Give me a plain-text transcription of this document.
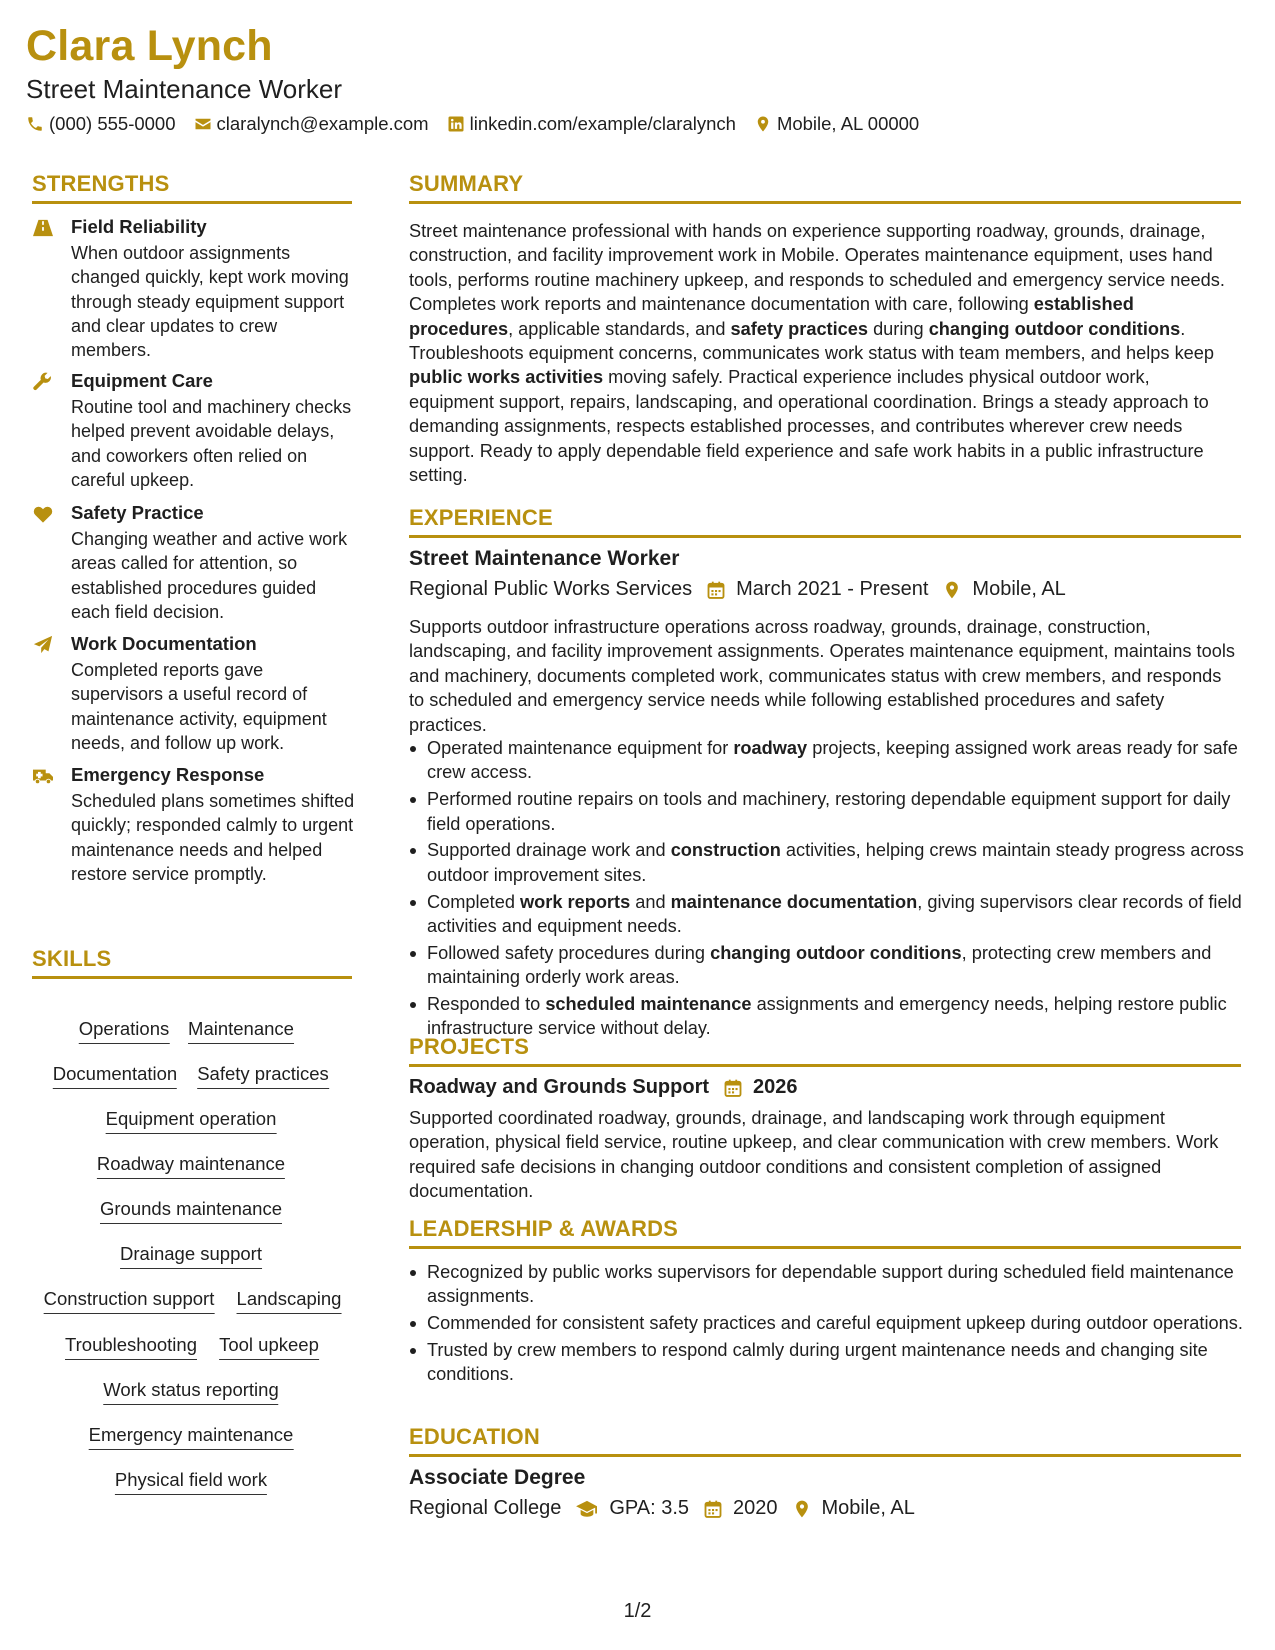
Clara Lynch
Street Maintenance Worker
(000) 555-0000 claralynch@example.com linkedin.com/example/claralynch Mobile, AL 00000
STRENGTHS
Field Reliability
When outdoor assignments changed quickly, kept work moving through steady equipment support and clear updates to crew members.
Equipment Care
Routine tool and machinery checks helped prevent avoidable delays, and coworkers often relied on careful upkeep.
Safety Practice
Changing weather and active work areas called for attention, so established procedures guided each field decision.
Work Documentation
Completed reports gave supervisors a useful record of maintenance activity, equipment needs, and follow up work.
Emergency Response
Scheduled plans sometimes shifted quickly; responded calmly to urgent maintenance needs and helped restore service promptly.
SKILLS
Operations Maintenance
Documentation Safety practices
Equipment operation
Roadway maintenance
Grounds maintenance
Drainage support
Construction support Landscaping
Troubleshooting Tool upkeep
Work status reporting
Emergency maintenance
Physical field work
SUMMARY
Street maintenance professional with hands on experience supporting roadway, grounds, drainage, construction, and facility improvement work in Mobile. Operates maintenance equipment, uses hand tools, performs routine machinery upkeep, and responds to scheduled and emergency service needs. Completes work reports and maintenance documentation with care, following established procedures, applicable standards, and safety practices during changing outdoor conditions. Troubleshoots equipment concerns, communicates work status with team members, and helps keep public works activities moving safely. Practical experience includes physical outdoor work, equipment support, repairs, landscaping, and operational coordination. Brings a steady approach to demanding assignments, respects established processes, and contributes wherever crew needs support. Ready to apply dependable field experience and safe work habits in a public infrastructure setting.
EXPERIENCE
Street Maintenance Worker
Regional Public Works Services March 2021 - Present Mobile, AL
Supports outdoor infrastructure operations across roadway, grounds, drainage, construction, landscaping, and facility improvement assignments. Operates maintenance equipment, maintains tools and machinery, documents completed work, communicates status with crew members, and responds to scheduled and emergency service needs while following established procedures and safety practices.
Operated maintenance equipment for roadway projects, keeping assigned work areas ready for safe crew access.
Performed routine repairs on tools and machinery, restoring dependable equipment support for daily field operations.
Supported drainage work and construction activities, helping crews maintain steady progress across outdoor improvement sites.
Completed work reports and maintenance documentation, giving supervisors clear records of field activities and equipment needs.
Followed safety procedures during changing outdoor conditions, protecting crew members and maintaining orderly work areas.
Responded to scheduled maintenance assignments and emergency needs, helping restore public infrastructure service without delay.
PROJECTS
Roadway and Grounds Support 2026
Supported coordinated roadway, grounds, drainage, and landscaping work through equipment operation, physical field service, routine upkeep, and clear communication with crew members. Work required safe decisions in changing outdoor conditions and consistent completion of assigned documentation.
LEADERSHIP & AWARDS
Recognized by public works supervisors for dependable support during scheduled field maintenance assignments.
Commended for consistent safety practices and careful equipment upkeep during outdoor operations.
Trusted by crew members to respond calmly during urgent maintenance needs and changing site conditions.
EDUCATION
Associate Degree
Regional College GPA: 3.5 2020 Mobile, AL
1/2
